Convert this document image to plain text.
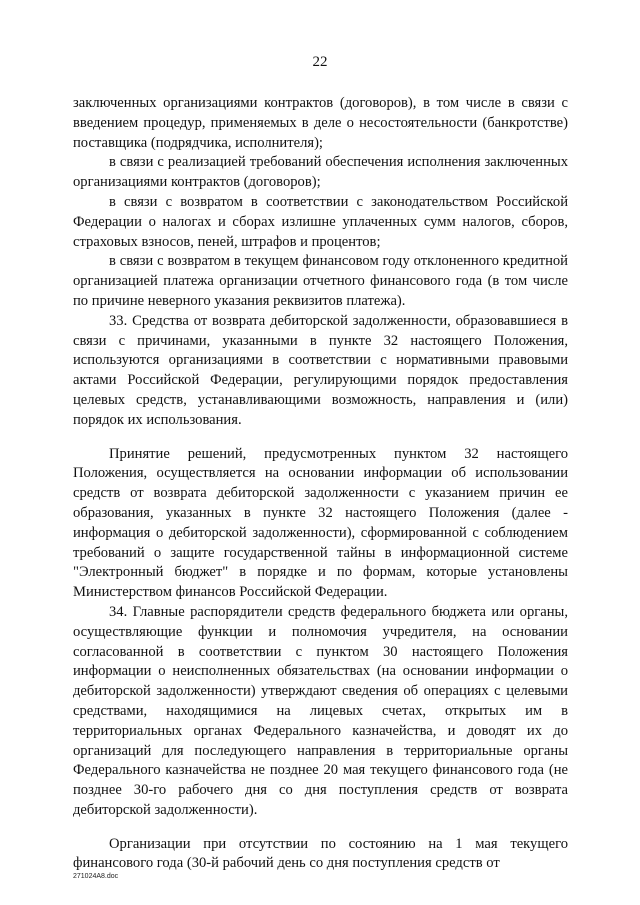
22

заключенных организациями контрактов (договоров), в том числе в связи с введением процедур, применяемых в деле о несостоятельности (банкротстве) поставщика (подрядчика, исполнителя);

в связи с реализацией требований обеспечения исполнения заключенных организациями контрактов (договоров);

в связи с возвратом в соответствии с законодательством Российской Федерации о налогах и сборах излишне уплаченных сумм налогов, сборов, страховых взносов, пеней, штрафов и процентов;

в связи с возвратом в текущем финансовом году отклоненного кредитной организацией платежа организации отчетного финансового года (в том числе по причине неверного указания реквизитов платежа).

33. Средства от возврата дебиторской задолженности, образовавшиеся в связи с причинами, указанными в пункте 32 настоящего Положения, используются организациями в соответствии с нормативными правовыми актами Российской Федерации, регулирующими порядок предоставления целевых средств, устанавливающими возможность, направления и (или) порядок их использования.

Принятие решений, предусмотренных пунктом 32 настоящего Положения, осуществляется на основании информации об использовании средств от возврата дебиторской задолженности с указанием причин ее образования, указанных в пункте 32 настоящего Положения (далее - информация о дебиторской задолженности), сформированной с соблюдением требований о защите государственной тайны в информационной системе "Электронный бюджет" в порядке и по формам, которые установлены Министерством финансов Российской Федерации.

34. Главные распорядители средств федерального бюджета или органы, осуществляющие функции и полномочия учредителя, на основании согласованной в соответствии с пунктом 30 настоящего Положения информации о неисполненных обязательствах (на основании информации о дебиторской задолженности) утверждают сведения об операциях с целевыми средствами, находящимися на лицевых счетах, открытых им в территориальных органах Федерального казначейства, и доводят их до организаций для последующего направления в территориальные органы Федерального казначейства не позднее 20 мая текущего финансового года (не позднее 30-го рабочего дня со дня поступления средств от возврата дебиторской задолженности).

Организации при отсутствии по состоянию на 1 мая текущего финансового года (30-й рабочий день со дня поступления средств от

271024A8.doc
